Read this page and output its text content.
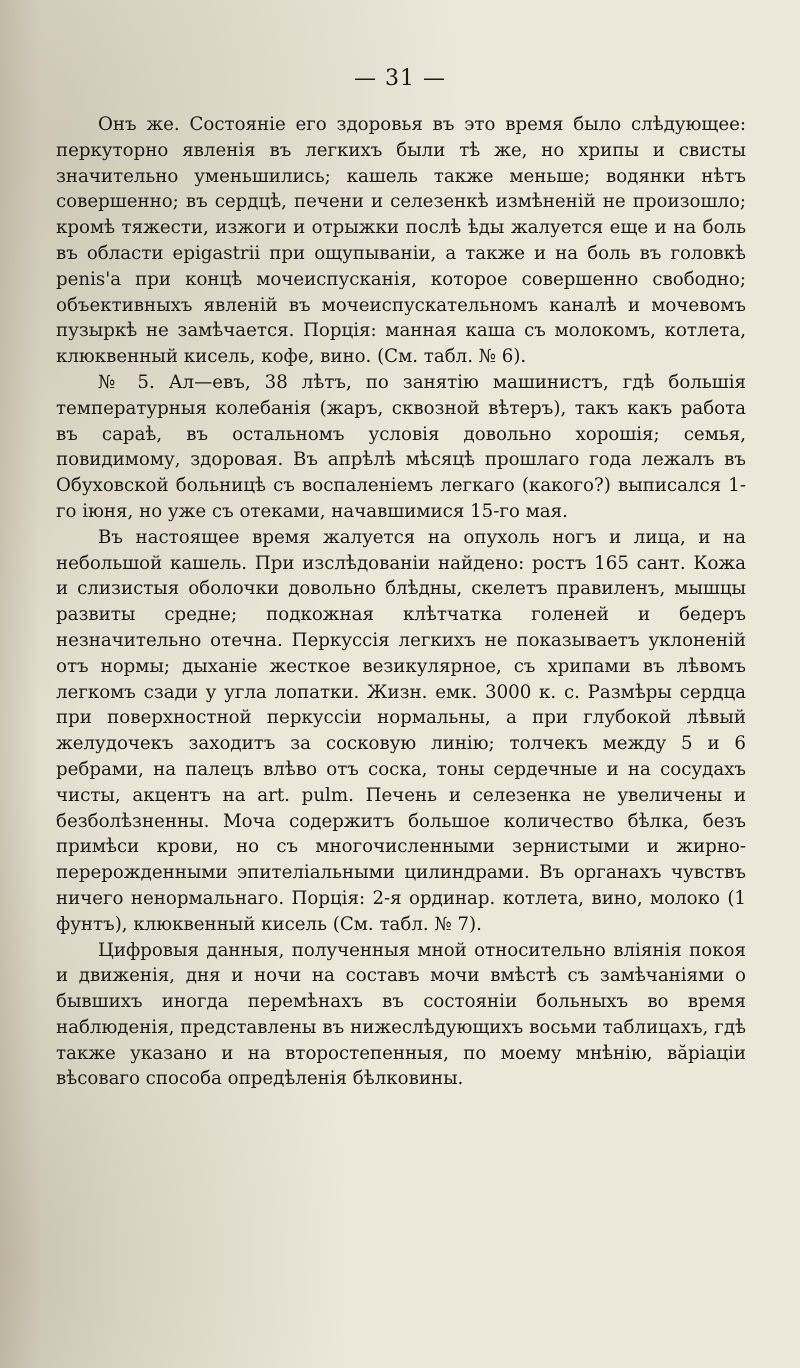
— 31 —

Онъ же. Состояніе его здоровья въ это время было слѣдующее: перкуторно явленія въ легкихъ были тѣ же, но хрипы и свисты значительно уменьшились; кашель также меньше; водянки нѣтъ совершенно; въ сердцѣ, печени и селезенкѣ измѣненій не произошло; кромѣ тяжести, изжоги и отрыжки послѣ ѣды жалуется еще и на боль въ области epigastrii при ощупываніи, а также и на боль въ головкѣ penis'а при концѣ мочеиспусканія, которое совершенно свободно; объективныхъ явленій въ мочеиспускательномъ каналѣ и мочевомъ пузыркѣ не замѣчается. Порція: манная каша съ молокомъ, котлета, клюквенный кисель, кофе, вино. (См. табл. № 6).

№ 5. Ал—евъ, 38 лѣтъ, по занятію машинистъ, гдѣ большія температурныя колебанія (жаръ, сквозной вѣтеръ), такъ какъ работа въ сараѣ, въ остальномъ условія довольно хорошія; семья, повидимому, здоровая. Въ апрѣлѣ мѣсяцѣ прошлаго года лежалъ въ Обуховской больницѣ съ воспаленіемъ легкаго (какого?) выписался 1-го іюня, но уже съ отеками, начавшимися 15-го мая.

Въ настоящее время жалуется на опухоль ногъ и лица, и на небольшой кашель. При изслѣдованіи найдено: ростъ 165 сант. Кожа и слизистыя оболочки довольно блѣдны, скелетъ правиленъ, мышцы развиты средне; подкожная клѣтчатка голеней и бедеръ незначительно отечна. Перкуссія легкихъ не показываетъ уклоненій отъ нормы; дыханіе жесткое везикулярное, съ хрипами въ лѣвомъ легкомъ сзади у угла лопатки. Жизн. емк. 3000 к. с. Размѣры сердца при поверхностной перкуссіи нормальны, а при глубокой лѣвый желудочекъ заходитъ за сосковую линію; толчекъ между 5 и 6 ребрами, на палецъ влѣво отъ соска, тоны сердечные и на сосудахъ чисты, акцентъ на art. pulm. Печень и селезенка не увеличены и безболѣзненны. Моча содержитъ большое количество бѣлка, безъ примѣси крови, но съ многочисленными зернистыми и жирно-перерожденными эпителіальными цилиндрами. Въ органахъ чувствъ ничего ненормальнаго. Порція: 2-я ординар. котлета, вино, молоко (1 фунтъ), клюквенный кисель (См. табл. № 7).

Цифровыя данныя, полученныя мной относительно вліянія покоя и движенія, дня и ночи на составъ мочи вмѣстѣ съ замѣчаніями о бывшихъ иногда перемѣнахъ въ состояніи больныхъ во время наблюденія, представлены въ нижеслѣдующихъ восьми таблицахъ, гдѣ также указано и на второстепенныя, по моему мнѣнію, вăріаціи вѣсоваго способа опредѣленія бѣлковины.
